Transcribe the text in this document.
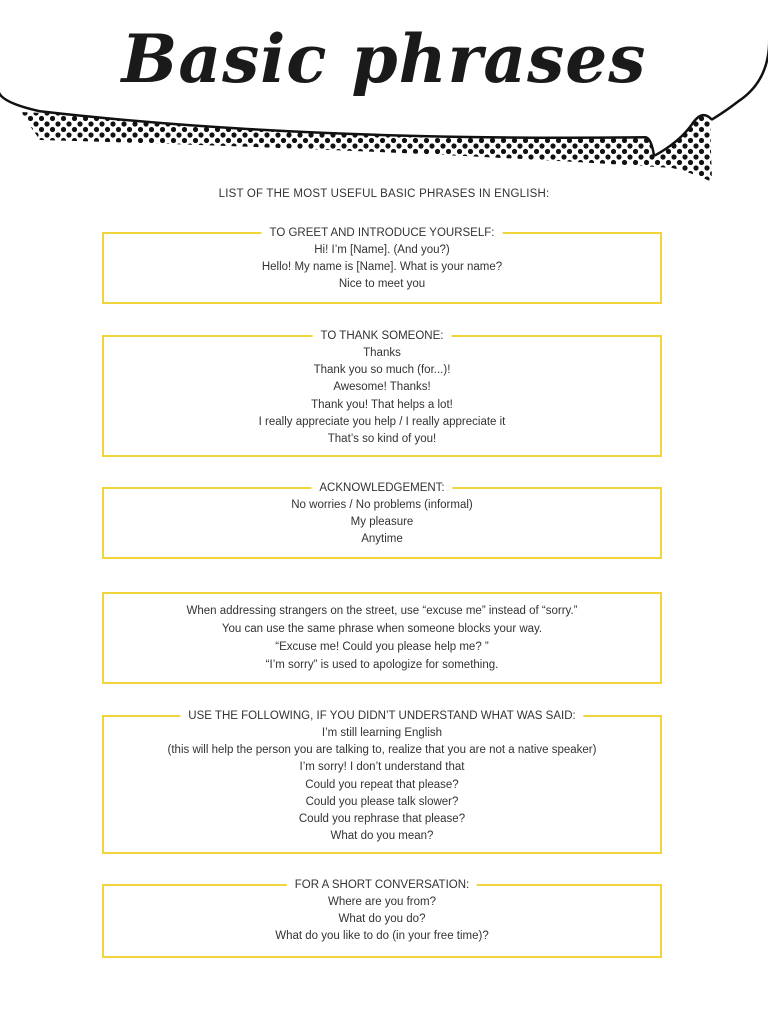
Basic phrases
LIST OF THE MOST USEFUL BASIC PHRASES IN ENGLISH:
TO GREET AND INTRODUCE YOURSELF:
Hi! I’m [Name]. (And you?)
Hello! My name is [Name]. What is your name?
Nice to meet you
TO THANK SOMEONE:
Thanks
Thank you so much (for...)!
Awesome! Thanks!
Thank you! That helps a lot!
I really appreciate you help / I really appreciate it
That’s so kind of you!
ACKNOWLEDGEMENT:
No worries / No problems (informal)
My pleasure
Anytime
When addressing strangers on the street, use “excuse me” instead of “sorry.”
You can use the same phrase when someone blocks your way.
“Excuse me! Could you please help me? ”
“I’m sorry” is used to apologize for something.
USE THE FOLLOWING, IF YOU DIDN’T UNDERSTAND WHAT WAS SAID:
I’m still learning English
(this will help the person you are talking to, realize that you are not a native speaker)
I’m sorry! I don’t understand that
Could you repeat that please?
Could you please talk slower?
Could you rephrase that please?
What do you mean?
FOR A SHORT CONVERSATION:
Where are you from?
What do you do?
What do you like to do (in your free time)?
